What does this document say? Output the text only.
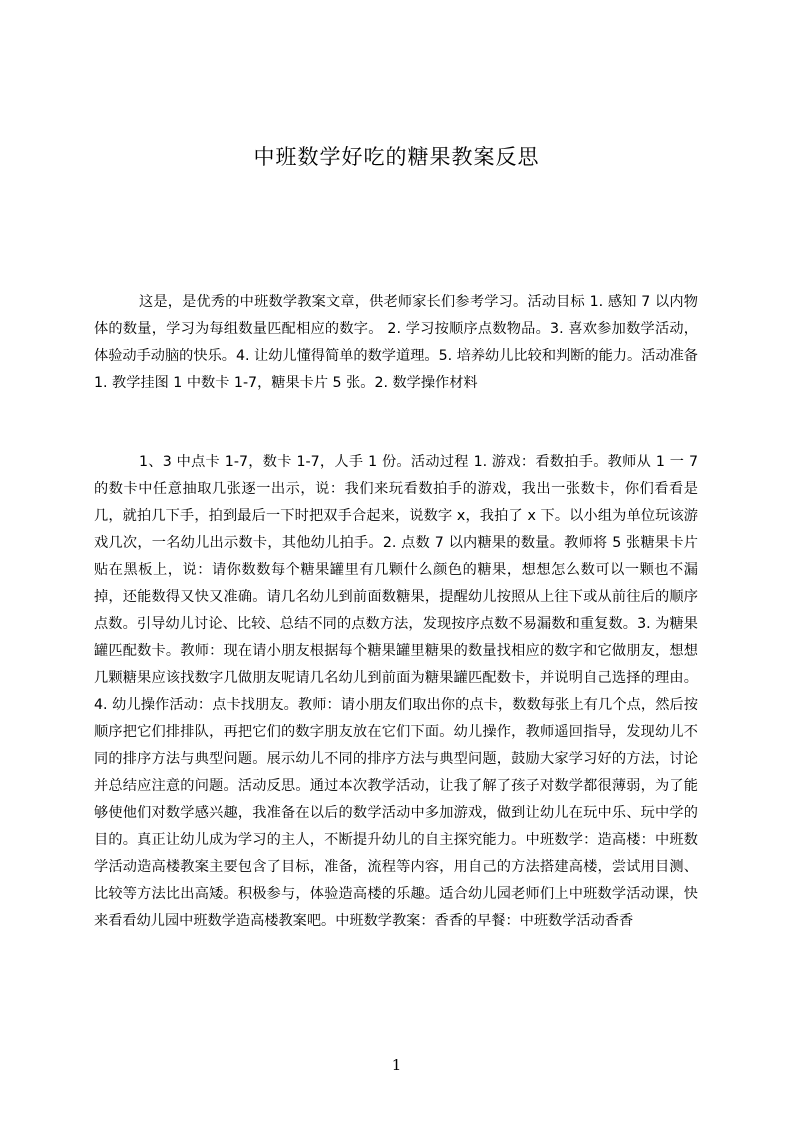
中班数学好吃的糖果教案反思

这是，是优秀的中班数学教案文章，供老师家长们参考学习。活动目标 1. 感知 7 以内物体的数量，学习为每组数量匹配相应的数字。 2. 学习按顺序点数物品。3. 喜欢参加数学活动，体验动手动脑的快乐。4. 让幼儿懂得简单的数学道理。5. 培养幼儿比较和判断的能力。活动准备 1. 教学挂图 1 中数卡 1-7，糖果卡片 5 张。2. 数学操作材料

1、3 中点卡 1-7，数卡 1-7，人手 1 份。活动过程 1. 游戏：看数拍手。教师从 1 一 7 的数卡中任意抽取几张逐一出示，说：我们来玩看数拍手的游戏，我出一张数卡，你们看看是几，就拍几下手，拍到最后一下时把双手合起来，说数字 x，我拍了 x 下。以小组为单位玩该游戏几次，一名幼儿出示数卡，其他幼儿拍手。2. 点数 7 以内糖果的数量。教师将 5 张糖果卡片贴在黑板上，说：请你数数每个糖果罐里有几颗什么颜色的糖果，想想怎么数可以一颗也不漏掉，还能数得又快又准确。请几名幼儿到前面数糖果，提醒幼儿按照从上往下或从前往后的顺序点数。引导幼儿讨论、比较、总结不同的点数方法，发现按序点数不易漏数和重复数。3. 为糖果罐匹配数卡。教师：现在请小朋友根据每个糖果罐里糖果的数量找相应的数字和它做朋友，想想几颗糖果应该找数字几做朋友呢请几名幼儿到前面为糖果罐匹配数卡，并说明自己选择的理由。4. 幼儿操作活动：点卡找朋友。教师：请小朋友们取出你的点卡，数数每张上有几个点，然后按顺序把它们排排队，再把它们的数字朋友放在它们下面。幼儿操作，教师遥回指导，发现幼儿不同的排序方法与典型问题。展示幼儿不同的排序方法与典型问题，鼓励大家学习好的方法，讨论并总结应注意的问题。活动反思。通过本次教学活动，让我了解了孩子对数学都很薄弱，为了能够使他们对数学感兴趣，我准备在以后的数学活动中多加游戏，做到让幼儿在玩中乐、玩中学的目的。真正让幼儿成为学习的主人，不断提升幼儿的自主探究能力。中班数学：造高楼：中班数学活动造高楼教案主要包含了目标，准备，流程等内容，用自己的方法搭建高楼，尝试用目测、比较等方法比出高矮。积极参与，体验造高楼的乐趣。适合幼儿园老师们上中班数学活动课，快来看看幼儿园中班数学造高楼教案吧。中班数学教案：香香的早餐：中班数学活动香香

1
